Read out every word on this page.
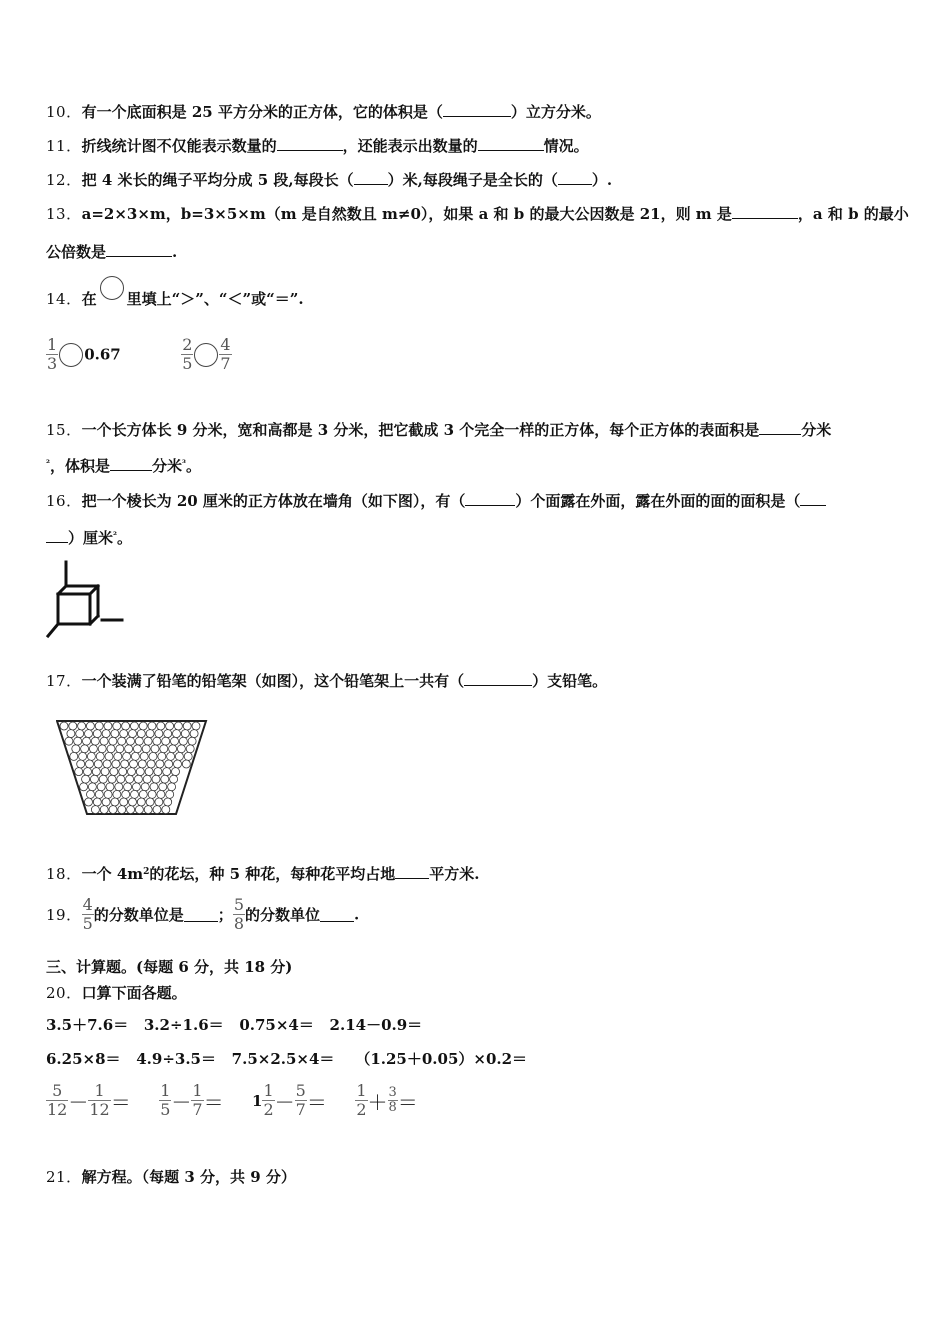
10．有一个底面积是 25 平方分米的正方体，它的体积是（	）立方分米。
11．折线统计图不仅能表示数量的	，还能表示出数量的	情况。
12．把 4 米长的绳子平均分成 5 段,每段长（ ）米,每段绳子是全长的（ ）.
13．a=2×3×m，b=3×5×m（m 是自然数且 m≠0），如果 a 和 b 的最大公因数是 21，则 m 是	，a 和 b 的最小
公倍数是	.
14．在 里填上“＞”、“＜”或“＝”.
$\frac{1}{3} 0.67$	$\frac{2}{5} \frac{4}{7}$
15．一个长方体长 9 分米，宽和高都是 3 分米，把它截成 3 个完全一样的正方体，每个正方体的表面积是	分米
$^{^2}$，体积是	分米$^{^3}$。
16．把一个棱长为 20 厘米的正方体放在墙角（如下图），有（	）个面露在外面，露在外面的面的面积是（
）厘米$^{^2}$。
17．一个装满了铅笔的铅笔架（如图），这个铅笔架上一共有（	）支铅笔。
18．一个 $4m^2$的花坛，种 5 种花，每种花平均占地 平方米.
19． $\frac{4}{5}$ 的分数单位是 ； $\frac{5}{8}$ 的分数单位 .
三、计算题。(每题 6 分，共 18 分)
20．口算下面各题。
3.5＋7.6＝ 3.2÷1.6＝ 0.75×4＝ 2.14－0.9＝
6.25×8＝ 4.9÷3.5＝ 7.5×2.5×4＝ （1.25＋0.05）×0.2＝
$\frac{5}{12} - \frac{1}{12} = \frac{1}{5} - \frac{1}{7} = 1 \frac{1}{2} - \frac{5}{7} = \frac{1}{2} + \frac{3}{8}$ ＝
21．解方程。（每题 3 分，共 9 分）
